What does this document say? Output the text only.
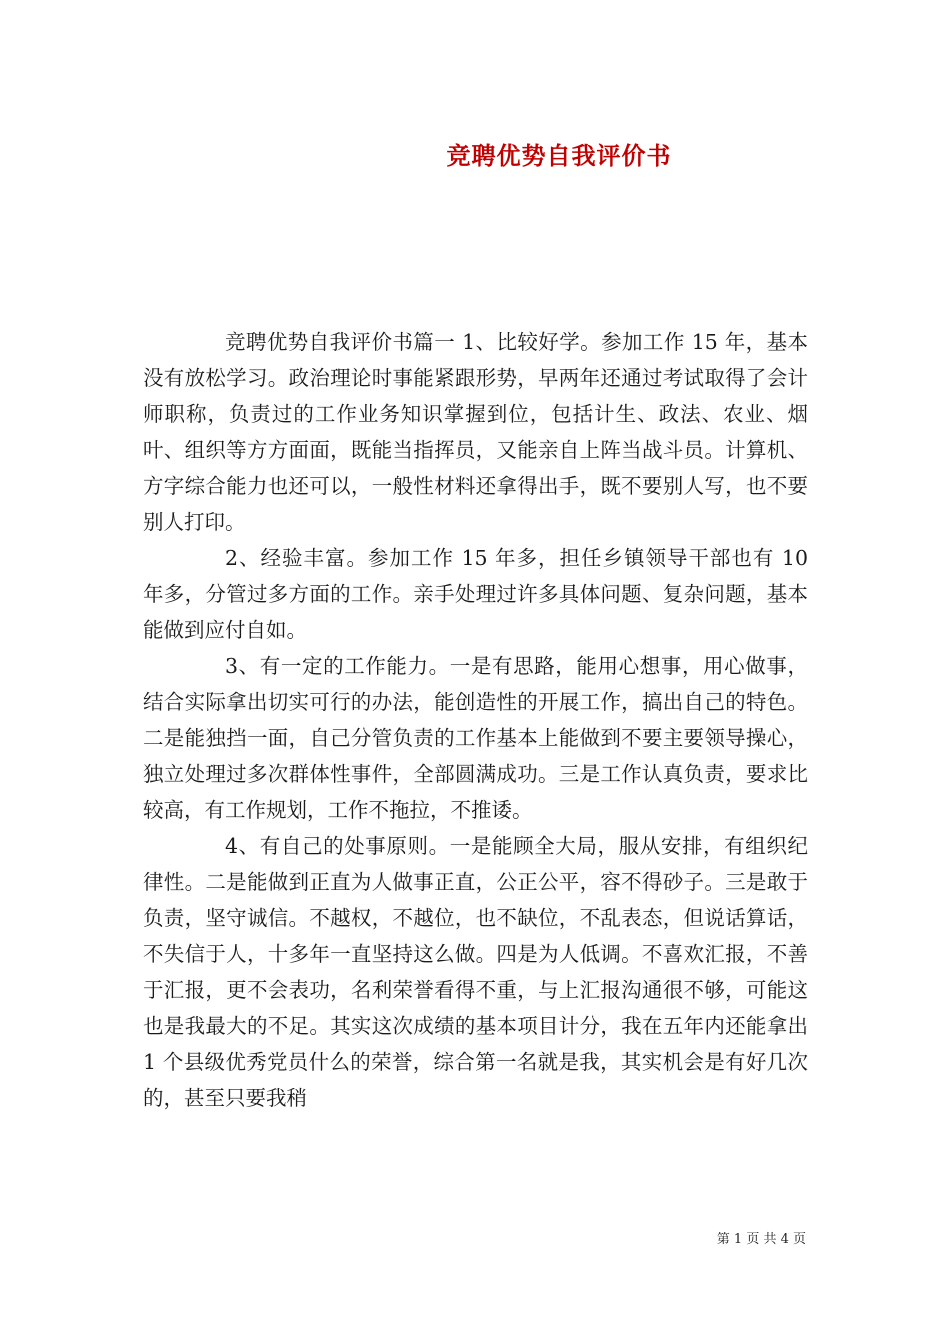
竞聘优势自我评价书

竞聘优势自我评价书篇一 1、比较好学。参加工作 15 年，基本没有放松学习。政治理论时事能紧跟形势，早两年还通过考试取得了会计师职称，负责过的工作业务知识掌握到位，包括计生、政法、农业、烟叶、组织等方方面面，既能当指挥员，又能亲自上阵当战斗员。计算机、方字综合能力也还可以，一般性材料还拿得出手，既不要别人写，也不要别人打印。

2、经验丰富。参加工作 15 年多，担任乡镇领导干部也有 10 年多，分管过多方面的工作。亲手处理过许多具体问题、复杂问题，基本能做到应付自如。

3、有一定的工作能力。一是有思路，能用心想事，用心做事，结合实际拿出切实可行的办法，能创造性的开展工作，搞出自己的特色。二是能独挡一面，自己分管负责的工作基本上能做到不要主要领导操心，独立处理过多次群体性事件，全部圆满成功。三是工作认真负责，要求比较高，有工作规划，工作不拖拉，不推诿。

4、有自己的处事原则。一是能顾全大局，服从安排，有组织纪律性。二是能做到正直为人做事正直，公正公平，容不得砂子。三是敢于负责，坚守诚信。不越权，不越位，也不缺位，不乱表态，但说话算话，不失信于人，十多年一直坚持这么做。四是为人低调。不喜欢汇报，不善于汇报，更不会表功，名利荣誉看得不重，与上汇报沟通很不够，可能这也是我最大的不足。其实这次成绩的基本项目计分，我在五年内还能拿出 1 个县级优秀党员什么的荣誉，综合第一名就是我，其实机会是有好几次的，甚至只要我稍

第 1 页 共 4 页
